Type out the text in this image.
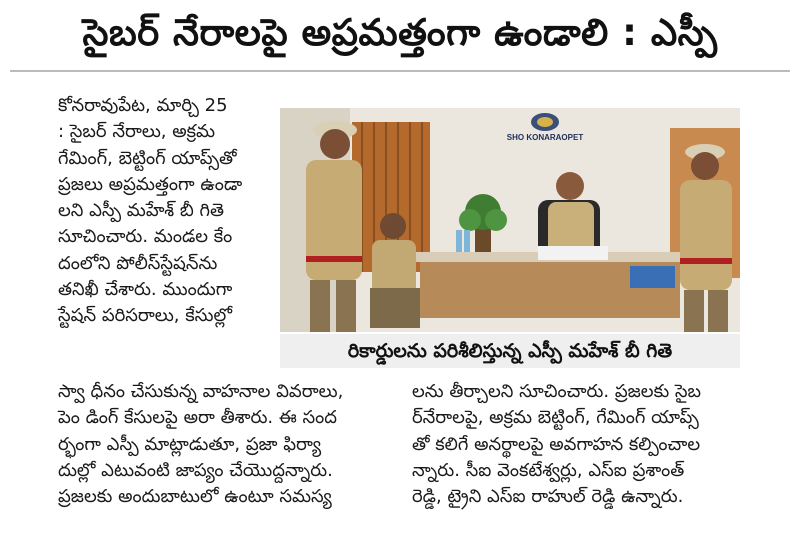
సైబర్ నేరాలపై అప్రమత్తంగా ఉండాలి : ఎస్పీ

కోనరావుపేట, మార్చి 25

: సైబర్ నేరాలు, అక్రమ

గేమింగ్, బెట్టింగ్ యాప్స్‌తో

ప్రజలు అప్రమత్తంగా ఉండా

లని ఎస్పీ మహేశ్ బీ గితె

సూచించారు. మండల కేం

దంలోని పోలీస్‌స్టేషన్‌ను

తనిఖీ చేశారు. ముందుగా

స్టేషన్ పరిసరాలు, కేసుల్లో

SHO KONARAOPET
రికార్డులను పరిశీలిస్తున్న ఎస్పీ మహేశ్ బీ గితె

స్వా ధీనం చేసుకున్న వాహనాల వివరాలు,

పెం డింగ్ కేసులపై అరా తీశారు. ఈ సంద

ర్భంగా ఎస్పీ మాట్లాడుతూ, ప్రజా ఫిర్యా

దుల్లో ఎటువంటి జాప్యం చేయొద్దన్నారు.

ప్రజలకు అందుబాటులో ఉంటూ సమస్య

లను తీర్చాలని సూచించారు. ప్రజలకు సైబ

ర్‌నేరాలపై, అక్రమ బెట్టింగ్, గేమింగ్ యాప్స్

తో కలిగే అనర్థాలపై అవగాహన కల్పించాల

న్నారు. సీఐ వెంకటేశ్వర్లు, ఎస్ఐ ప్రశాంత్

రెడ్డి, ట్రైని ఎస్ఐ రాహుల్ రెడ్డి ఉన్నారు.
